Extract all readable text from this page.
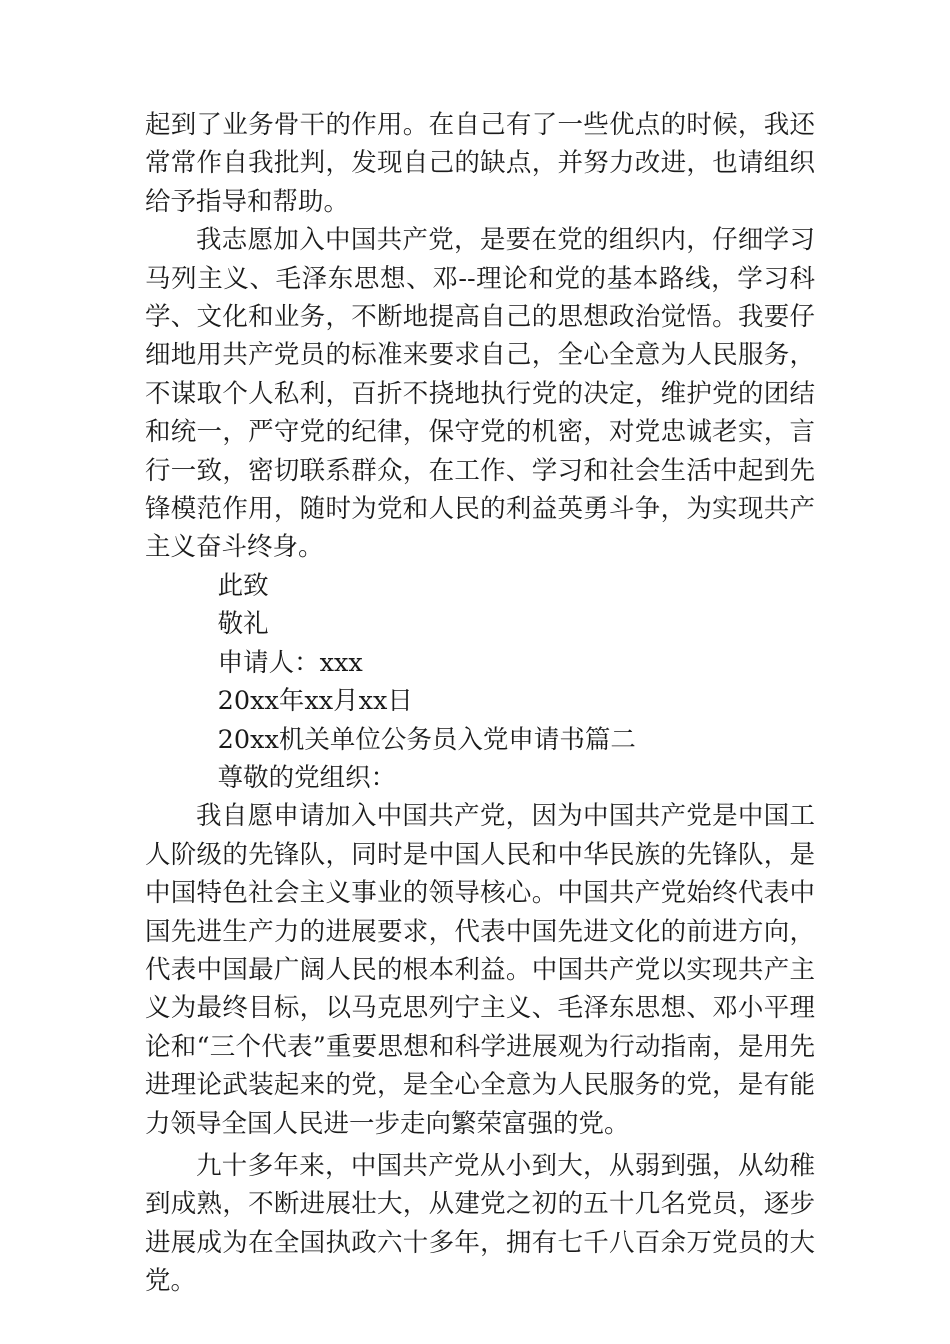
起到了业务骨干的作用。在自己有了一些优点的时候，我还常常作自我批判，发现自己的缺点，并努力改进，也请组织给予指导和帮助。

我志愿加入中国共产党，是要在党的组织内，仔细学习马列主义、毛泽东思想、邓--理论和党的基本路线，学习科学、文化和业务，不断地提高自己的思想政治觉悟。我要仔细地用共产党员的标准来要求自己，全心全意为人民服务，不谋取个人私利，百折不挠地执行党的决定，维护党的团结和统一，严守党的纪律，保守党的机密，对党忠诚老实，言行一致，密切联系群众，在工作、学习和社会生活中起到先锋模范作用，随时为党和人民的利益英勇斗争，为实现共产主义奋斗终身。

此致

敬礼

申请人：xxx

20xx年xx月xx日

20xx机关单位公务员入党申请书篇二

尊敬的党组织：

我自愿申请加入中国共产党，因为中国共产党是中国工人阶级的先锋队，同时是中国人民和中华民族的先锋队，是中国特色社会主义事业的领导核心。中国共产党始终代表中国先进生产力的进展要求，代表中国先进文化的前进方向，代表中国最广阔人民的根本利益。中国共产党以实现共产主义为最终目标，以马克思列宁主义、毛泽东思想、邓小平理论和“三个代表”重要思想和科学进展观为行动指南，是用先进理论武装起来的党，是全心全意为人民服务的党，是有能力领导全国人民进一步走向繁荣富强的党。

九十多年来，中国共产党从小到大，从弱到强，从幼稚到成熟，不断进展壮大，从建党之初的五十几名党员，逐步进展成为在全国执政六十多年，拥有七千八百余万党员的大党。
